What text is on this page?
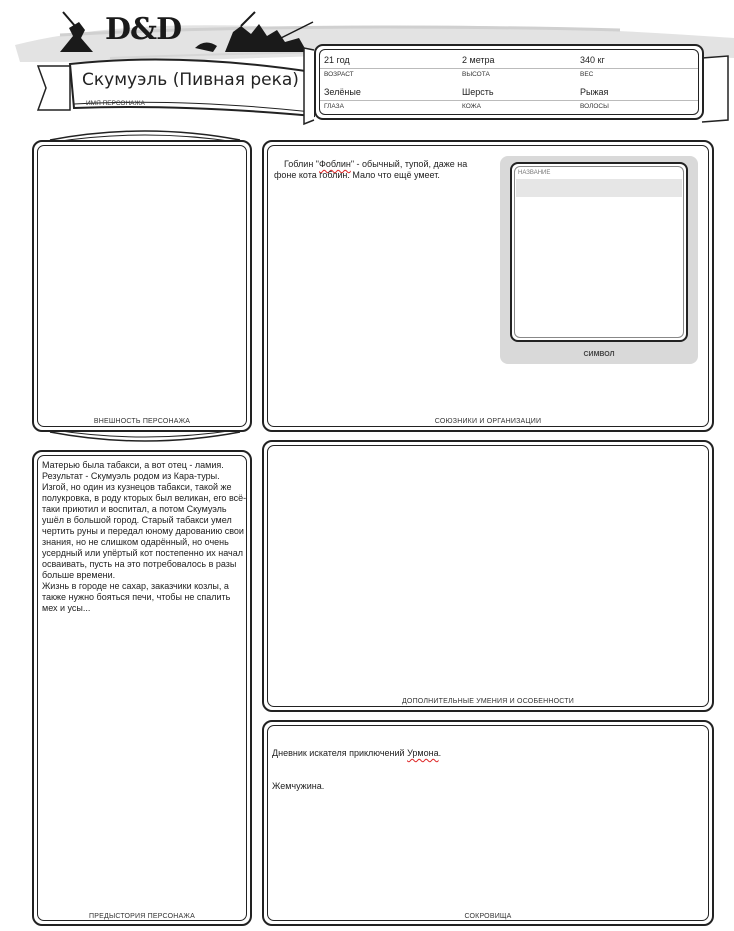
D&D
Скумуэль (Пивная река)
ИМЯ ПЕРСОНАЖА
21 год
ВОЗРАСТ
2 метра
ВЫСОТА
340 кг
ВЕС
Зелёные
ГЛАЗА
Шерсть
КОЖА
Рыжая
ВОЛОСЫ
ВНЕШНОСТЬ ПЕРСОНАЖА

Гоблин "Фоблин" - обычный, тупой, даже на фоне кота гоблин. Мало что ещё умеет.
	НАЗВАНИЕ
СИМВОЛ
СОЮЗНИКИ И ОРГАНИЗАЦИИ
Матерью была табакси, а вот отец - ламия. Результат - Скумуэль родом из Кара-туры.
Изгой, но один из кузнецов табакси, такой же полукровка, в роду кторых был великан, его всё-таки приютил и воспитал, а потом Скумуэль ушёл в большой город. Старый табакси умел чертить руны и передал юному дарованию свои знания, но не слишком одарённый, но очень усердный или упёртый кот постепенно их начал осваивать, пусть на это потребовалось в разы больше времени.
Жизнь в городе не сахар, заказчики козлы, а также нужно бояться печи, чтобы не спалить мех и усы...
ПРЕДЫСТОРИЯ ПЕРСОНАЖА
ДОПОЛНИТЕЛЬНЫЕ УМЕНИЯ И ОСОБЕННОСТИ

Дневник искателя приключений Урмона.

Жемчужина.

СОКРОВИЩА
